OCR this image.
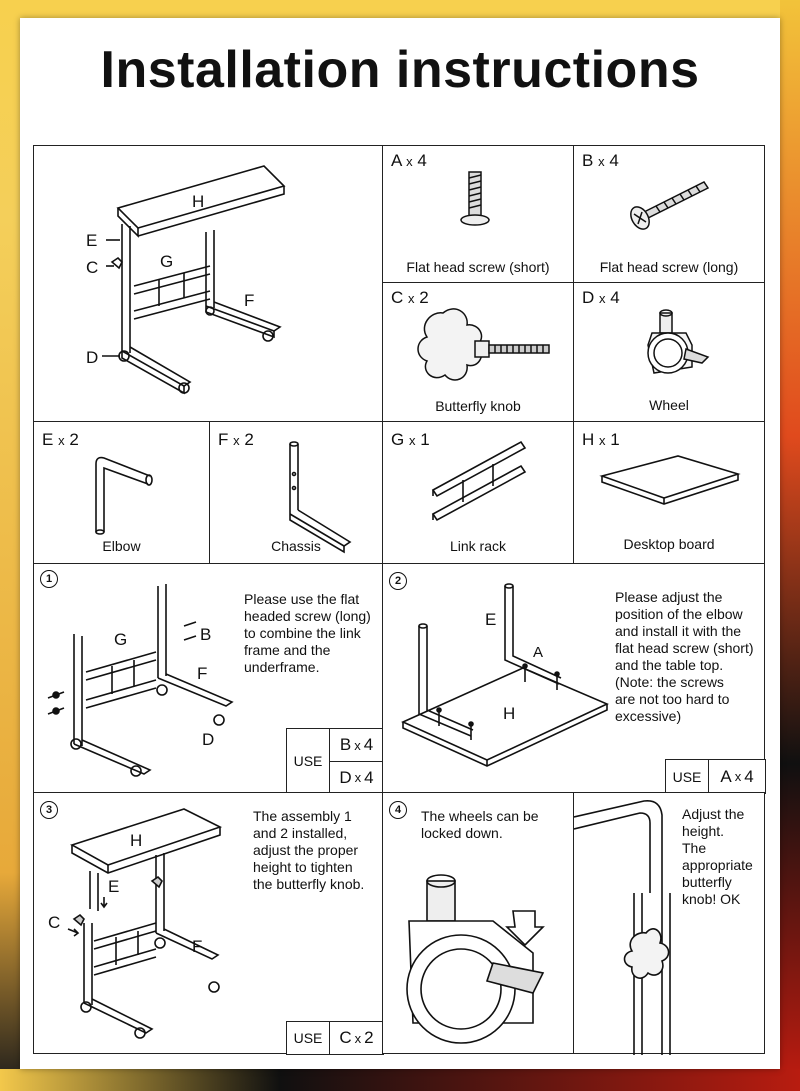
Installation instructions
H
E
C	G
F
D
A x 4
Flat head screw (short)
B x 4
Flat head screw (long)
C x 2
Butterfly knob
D x 4
Wheel
E x 2
Elbow
F x 2
Chassis
G x 1
Link rack
H x 1
Desktop board
1
G	B
F
D
Please use the flat
headed screw (long)
to combine the link
frame and the
underframe.
USE
B x 4
D x 4
2
E
A
H
Please adjust the
position of the elbow
and install it with the
flat head screw (short)
and the table top.
(Note: the screws
are not too hard to
excessive)
USE	A x 4
3
H
E
C
F
The assembly 1
and 2 installed,
adjust the proper
height to tighten
the butterfly knob.
USE C x 2
4	The wheels can be
locked down.
Adjust the
height.
The
appropriate
butterfly
knob! OK
